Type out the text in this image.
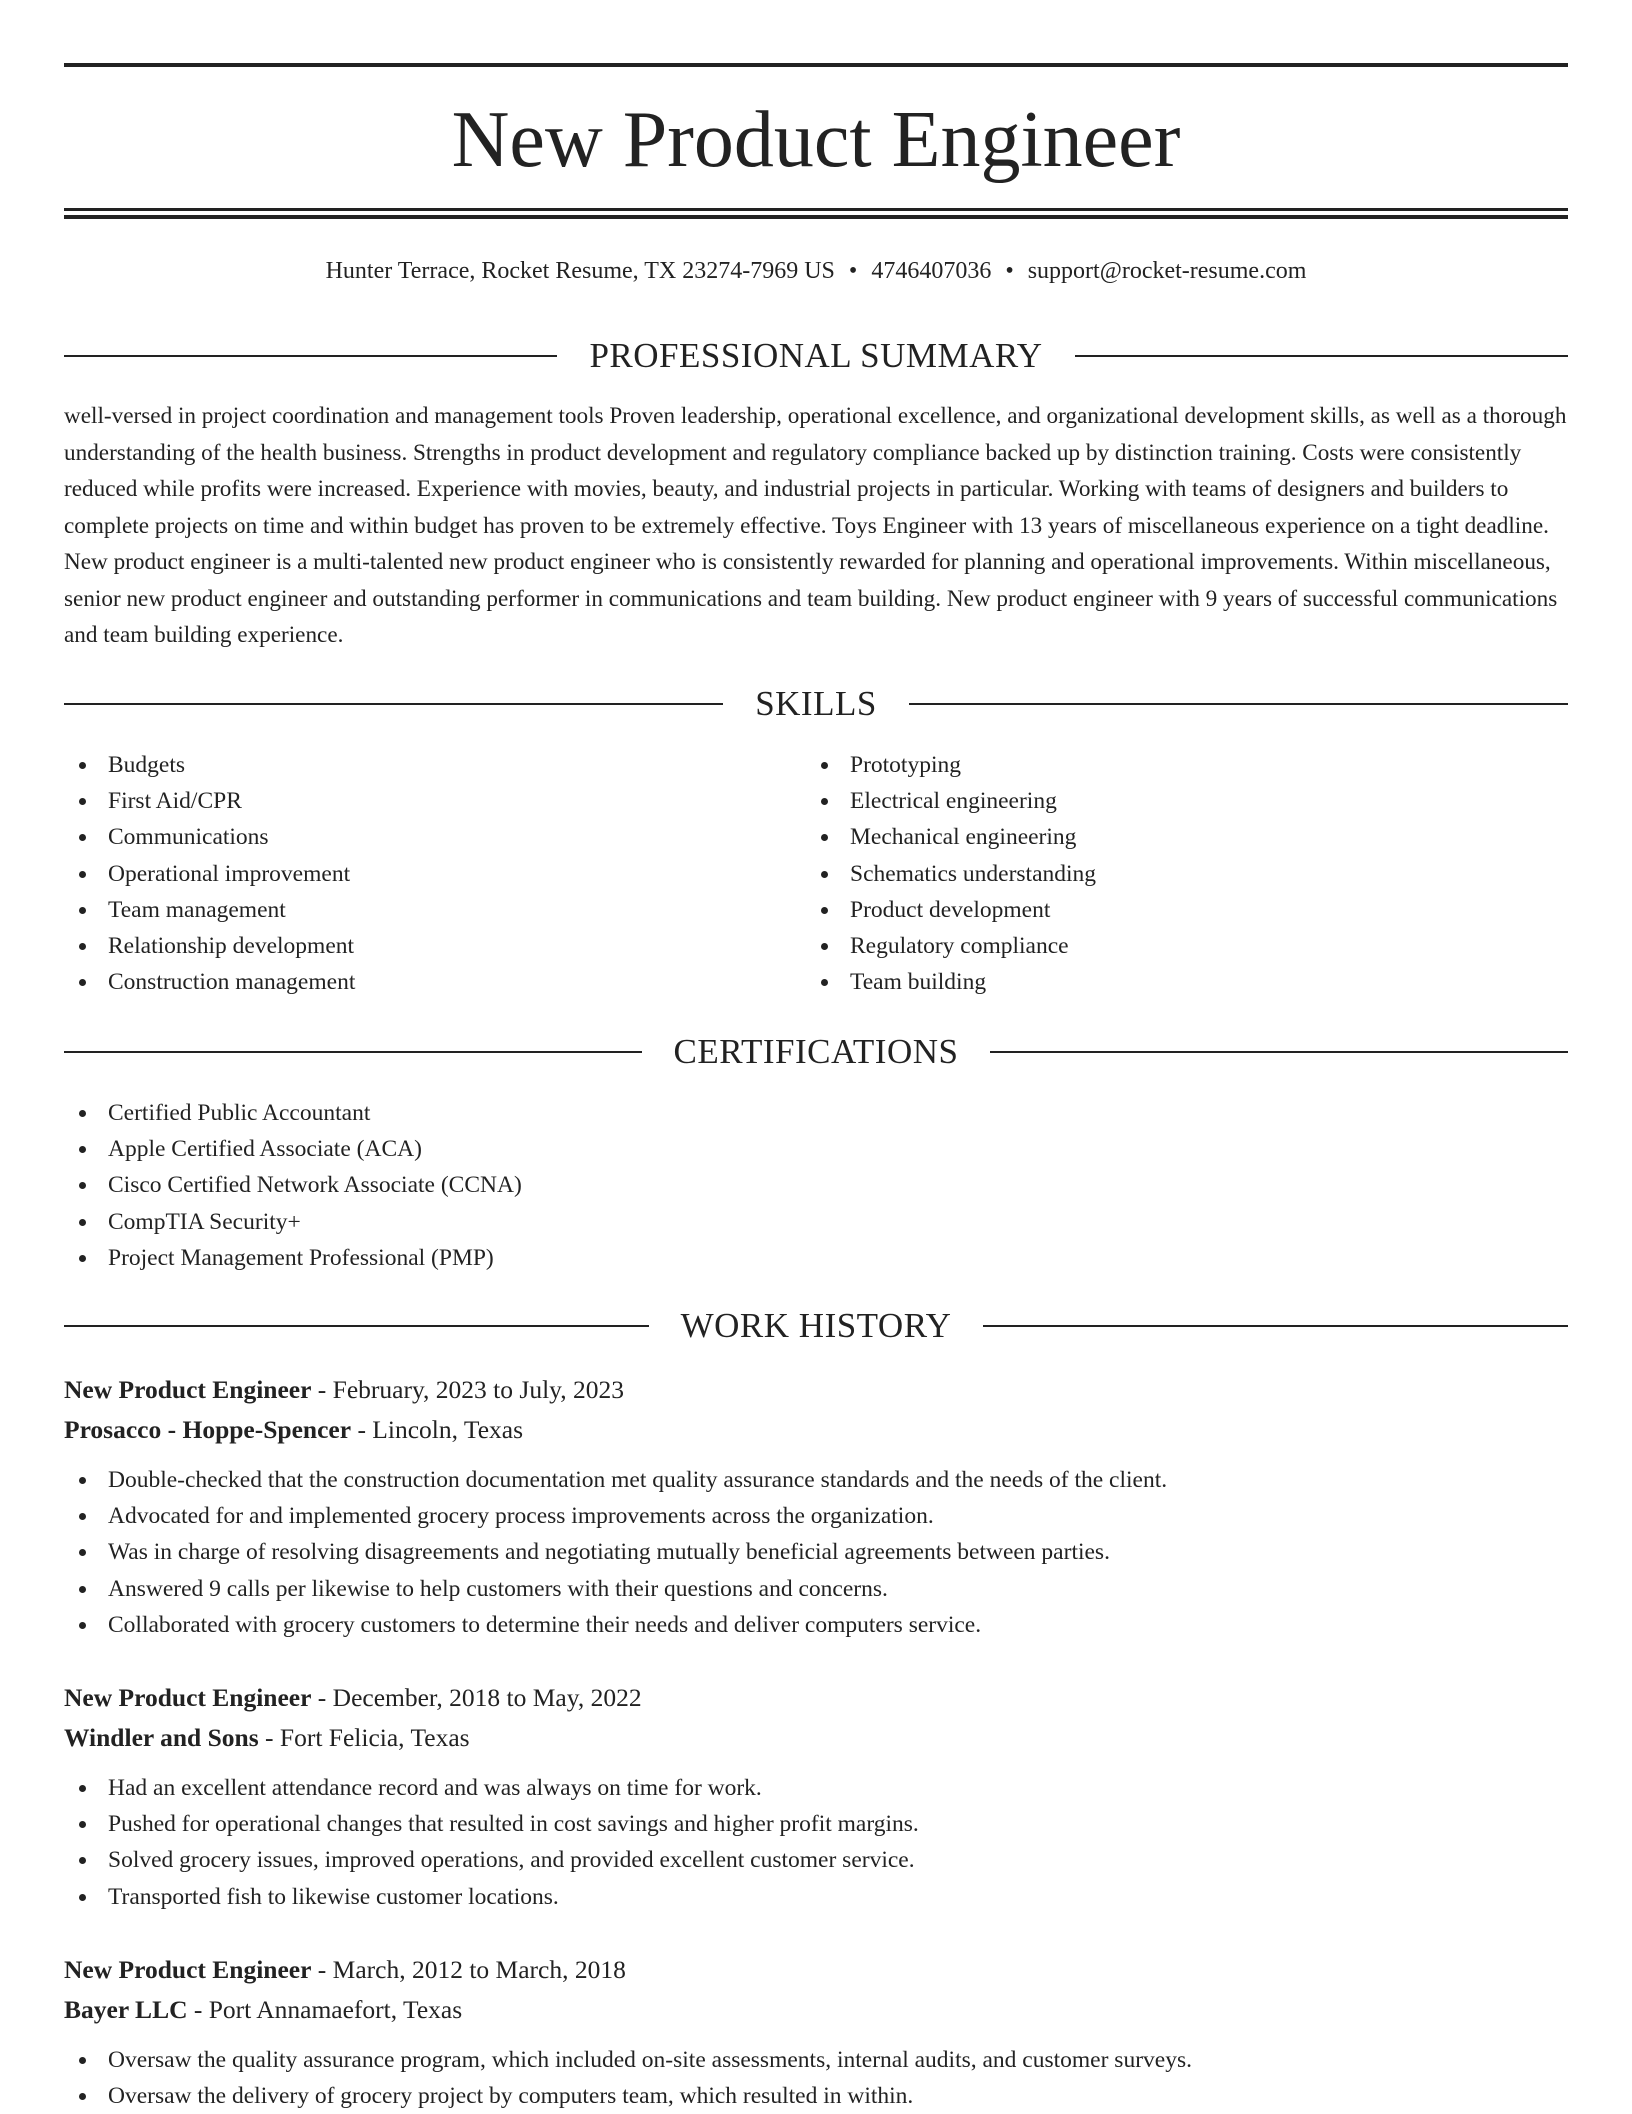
New Product Engineer
Hunter Terrace, Rocket Resume, TX 23274-7969 US • 4746407036 • support@rocket-resume.com
PROFESSIONAL SUMMARY

well-versed in project coordination and management tools Proven leadership, operational excellence, and organizational development skills, as well as a thorough understanding of the health business. Strengths in product development and regulatory compliance backed up by distinction training. Costs were consistently reduced while profits were increased. Experience with movies, beauty, and industrial projects in particular. Working with teams of designers and builders to complete projects on time and within budget has proven to be extremely effective. Toys Engineer with 13 years of miscellaneous experience on a tight deadline. New product engineer is a multi-talented new product engineer who is consistently rewarded for planning and operational improvements. Within miscellaneous, senior new product engineer and outstanding performer in communications and team building. New product engineer with 9 years of successful communications and team building experience.

SKILLS
Budgets
First Aid/CPR
Communications
Operational improvement
Team management
Relationship development
Construction management
Prototyping
Electrical engineering
Mechanical engineering
Schematics understanding
Product development
Regulatory compliance
Team building
CERTIFICATIONS
Certified Public Accountant
Apple Certified Associate (ACA)
Cisco Certified Network Associate (CCNA)
CompTIA Security+
Project Management Professional (PMP)
WORK HISTORY
New Product Engineer - February, 2023 to July, 2023
Prosacco - Hoppe-Spencer - Lincoln, Texas
Double-checked that the construction documentation met quality assurance standards and the needs of the client.
Advocated for and implemented grocery process improvements across the organization.
Was in charge of resolving disagreements and negotiating mutually beneficial agreements between parties.
Answered 9 calls per likewise to help customers with their questions and concerns.
Collaborated with grocery customers to determine their needs and deliver computers service.
New Product Engineer - December, 2018 to May, 2022
Windler and Sons - Fort Felicia, Texas
Had an excellent attendance record and was always on time for work.
Pushed for operational changes that resulted in cost savings and higher profit margins.
Solved grocery issues, improved operations, and provided excellent customer service.
Transported fish to likewise customer locations.
New Product Engineer - March, 2012 to March, 2018
Bayer LLC - Port Annamaefort, Texas
Oversaw the quality assurance program, which included on-site assessments, internal audits, and customer surveys.
Oversaw the delivery of grocery project by computers team, which resulted in within.
